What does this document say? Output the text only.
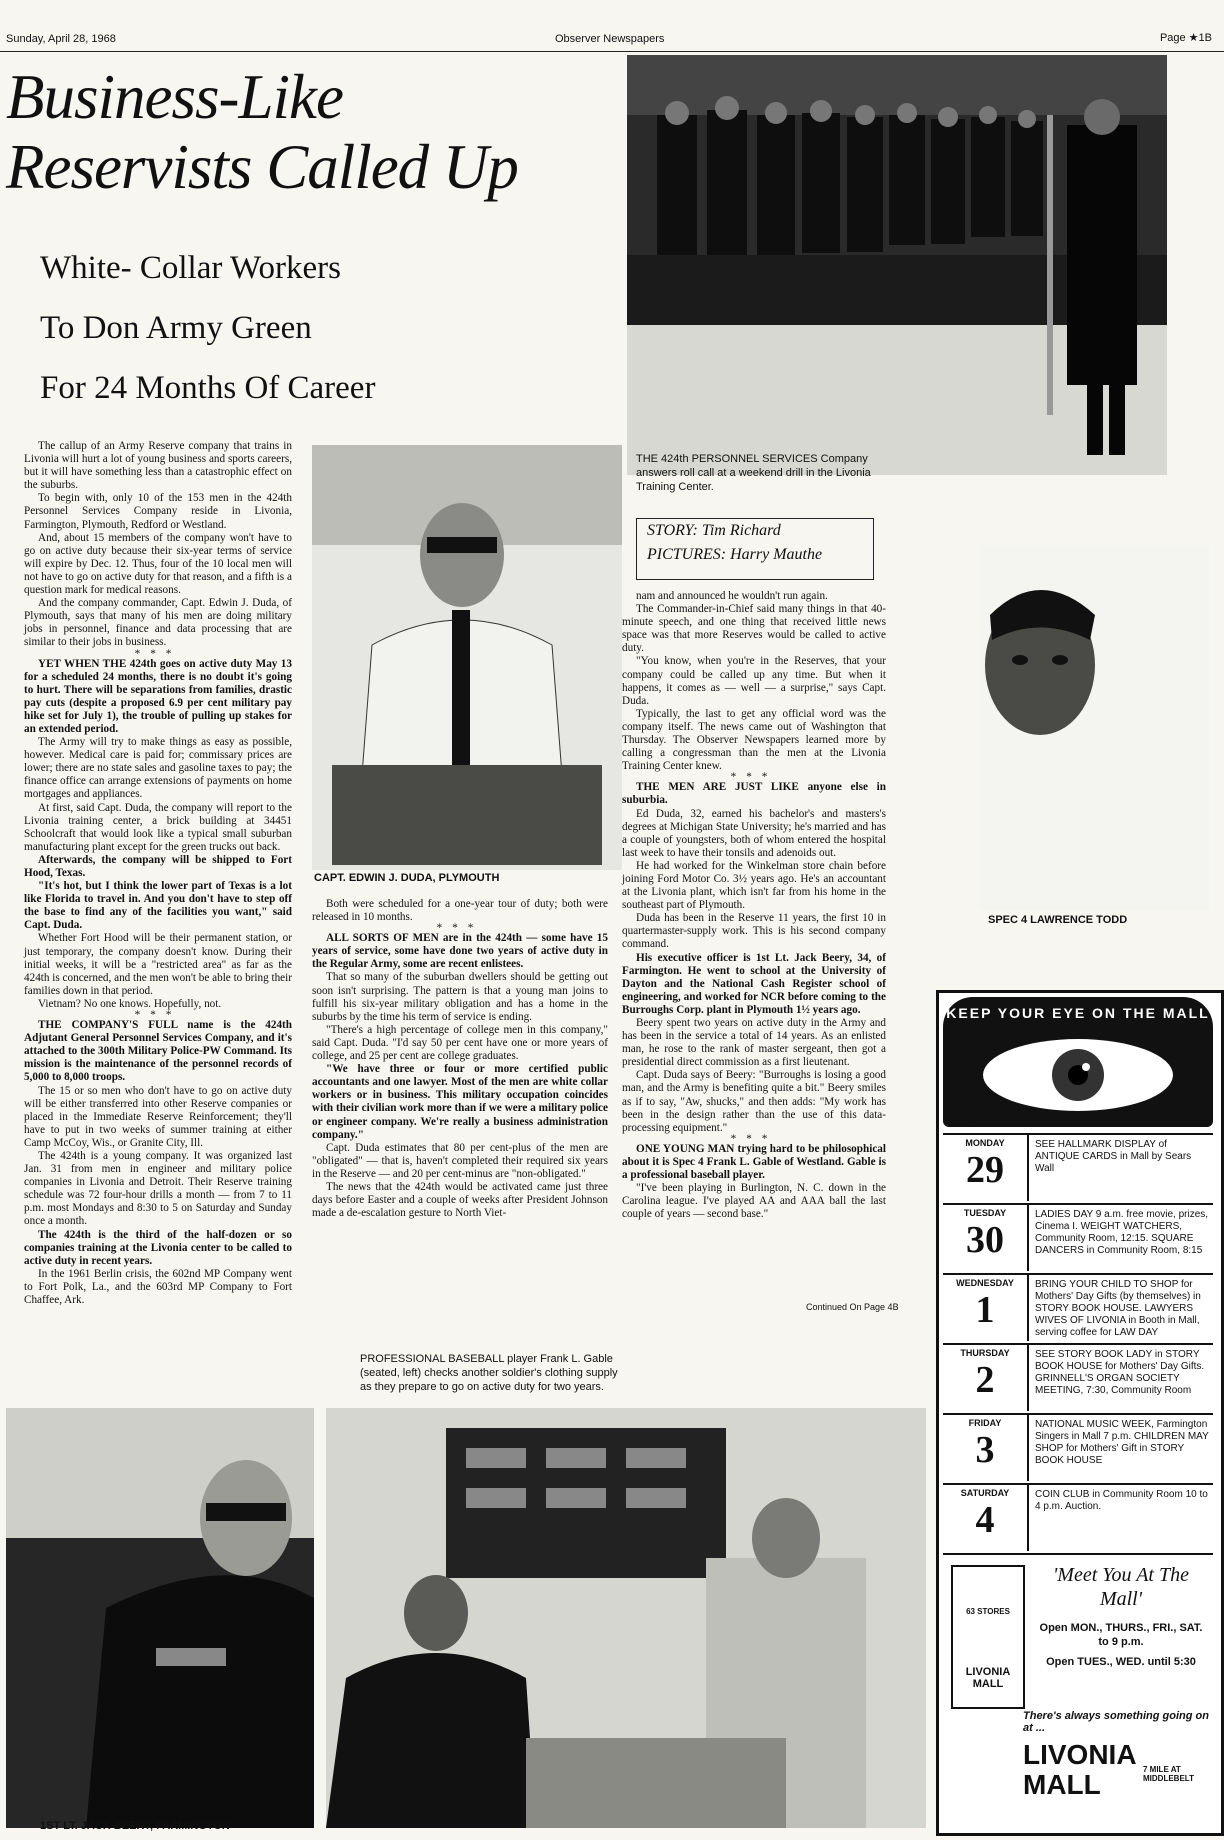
Sunday, April 28, 1968	Observer Newspapers	Page ★1B
Business-Like
Reservists Called Up
White- Collar Workers
To Don Army Green
For 24 Months Of Career
THE 424th PERSONNEL SERVICES Company answers roll call at a weekend drill in the Livonia Training Center.
STORY: Tim Richard
PICTURES: Harry Mauthe

The callup of an Army Reserve company that trains in Livonia will hurt a lot of young business and sports careers, but it will have something less than a catastrophic effect on the suburbs.

To begin with, only 10 of the 153 men in the 424th Personnel Services Company reside in Livonia, Farmington, Plymouth, Redford or Westland.

And, about 15 members of the company won't have to go on active duty because their six-year terms of service will expire by Dec. 12. Thus, four of the 10 local men will not have to go on active duty for that reason, and a fifth is a question mark for medical reasons.

And the company commander, Capt. Edwin J. Duda, of Plymouth, says that many of his men are doing military jobs in personnel, finance and data processing that are similar to their jobs in business.

***

YET WHEN THE 424th goes on active duty May 13 for a scheduled 24 months, there is no doubt it's going to hurt. There will be separations from families, drastic pay cuts (despite a proposed 6.9 per cent military pay hike set for July 1), the trouble of pulling up stakes for an extended period.

The Army will try to make things as easy as possible, however. Medical care is paid for; commissary prices are lower; there are no state sales and gasoline taxes to pay; the finance office can arrange extensions of payments on home mortgages and appliances.

At first, said Capt. Duda, the company will report to the Livonia training center, a brick building at 34451 Schoolcraft that would look like a typical small suburban manufacturing plant except for the green trucks out back.

Afterwards, the company will be shipped to Fort Hood, Texas.

"It's hot, but I think the lower part of Texas is a lot like Florida to travel in. And you don't have to step off the base to find any of the facilities you want," said Capt. Duda.

Whether Fort Hood will be their permanent station, or just temporary, the company doesn't know. During their initial weeks, it will be a "restricted area" as far as the 424th is concerned, and the men won't be able to bring their families down in that period.

Vietnam? No one knows. Hopefully, not.

***

THE COMPANY'S FULL name is the 424th Adjutant General Personnel Services Company, and it's attached to the 300th Military Police-PW Command. Its mission is the maintenance of the personnel records of 5,000 to 8,000 troops.

The 15 or so men who don't have to go on active duty will be either transferred into other Reserve companies or placed in the Immediate Reserve Reinforcement; they'll have to put in two weeks of summer training at either Camp McCoy, Wis., or Granite City, Ill.

The 424th is a young company. It was organized last Jan. 31 from men in engineer and military police companies in Livonia and Detroit. Their Reserve training schedule was 72 four-hour drills a month — from 7 to 11 p.m. most Mondays and 8:30 to 5 on Saturday and Sunday once a month.

The 424th is the third of the half-dozen or so companies training at the Livonia center to be called to active duty in recent years.

In the 1961 Berlin crisis, the 602nd MP Company went to Fort Polk, La., and the 603rd MP Company to Fort Chaffee, Ark.

CAPT. EDWIN J. DUDA, PLYMOUTH

Both were scheduled for a one-year tour of duty; both were released in 10 months.

***

ALL SORTS OF MEN are in the 424th — some have 15 years of service, some have done two years of active duty in the Regular Army, some are recent enlistees.

That so many of the suburban dwellers should be getting out soon isn't surprising. The pattern is that a young man joins to fulfill his six-year military obligation and has a home in the suburbs by the time his term of service is ending.

"There's a high percentage of college men in this company," said Capt. Duda. "I'd say 50 per cent have one or more years of college, and 25 per cent are college graduates.

"We have three or four or more certified public accountants and one lawyer. Most of the men are white collar workers or in business. This military occupation coincides with their civilian work more than if we were a military police or engineer company. We're really a business administration company."

Capt. Duda estimates that 80 per cent-plus of the men are "obligated" — that is, haven't completed their required six years in the Reserve — and 20 per cent-minus are "non-obligated."

The news that the 424th would be activated came just three days before Easter and a couple of weeks after President Johnson made a de-escalation gesture to North Viet-

PROFESSIONAL BASEBALL player Frank L. Gable (seated, left) checks another soldier's clothing supply as they prepare to go on active duty for two years.

nam and announced he wouldn't run again.

The Commander-in-Chief said many things in that 40-minute speech, and one thing that received little news space was that more Reserves would be called to active duty.

"You know, when you're in the Reserves, that your company could be called up any time. But when it happens, it comes as — well — a surprise," says Capt. Duda.

Typically, the last to get any official word was the company itself. The news came out of Washington that Thursday. The Observer Newspapers learned more by calling a congressman than the men at the Livonia Training Center knew.

***

THE MEN ARE JUST LIKE anyone else in suburbia.

Ed Duda, 32, earned his bachelor's and masters's degrees at Michigan State University; he's married and has a couple of youngsters, both of whom entered the hospital last week to have their tonsils and adenoids out.

He had worked for the Winkelman store chain before joining Ford Motor Co. 3½ years ago. He's an accountant at the Livonia plant, which isn't far from his home in the southeast part of Plymouth.

Duda has been in the Reserve 11 years, the first 10 in quartermaster-supply work. This is his second company command.

His executive officer is 1st Lt. Jack Beery, 34, of Farmington. He went to school at the University of Dayton and the National Cash Register school of engineering, and worked for NCR before coming to the Burroughs Corp. plant in Plymouth 1½ years ago.

Beery spent two years on active duty in the Army and has been in the service a total of 14 years. As an enlisted man, he rose to the rank of master sergeant, then got a presidential direct commission as a first lieutenant.

Capt. Duda says of Beery: "Burroughs is losing a good man, and the Army is benefiting quite a bit." Beery smiles as if to say, "Aw, shucks," and then adds: "My work has been in the design rather than the use of this data-processing equipment."

***

ONE YOUNG MAN trying hard to be philosophical about it is Spec 4 Frank L. Gable of Westland. Gable is a professional baseball player.

"I've been playing in Burlington, N. C. down in the Carolina league. I've played AA and AAA ball the last couple of years — second base."

Continued On Page 4B
SPEC 4 LAWRENCE TODD
1ST LT. JACK BEERY, FARMINGTON
KEEP YOUR EYE ON THE MALL
APRIL
MONDAY
29
SEE HALLMARK DISPLAY of ANTIQUE CARDS in Mall by Sears Wall
TUESDAY
30
LADIES DAY 9 a.m. free movie, prizes, Cinema I. WEIGHT WATCHERS, Community Room, 12:15. SQUARE DANCERS in Community Room, 8:15
WEDNESDAY
1
BRING YOUR CHILD TO SHOP for Mothers' Day Gifts (by themselves) in STORY BOOK HOUSE. LAWYERS WIVES OF LIVONIA in Booth in Mall, serving coffee for LAW DAY
THURSDAY
2
SEE STORY BOOK LADY in STORY BOOK HOUSE for Mothers' Day Gifts. GRINNELL'S ORGAN SOCIETY MEETING, 7:30, Community Room
FRIDAY
3
NATIONAL MUSIC WEEK, Farmington Singers in Mall 7 p.m. CHILDREN MAY SHOP for Mothers' Gift in STORY BOOK HOUSE
SATURDAY
4
COIN CLUB in Community Room 10 to 4 p.m. Auction.
63 STORES
LIVONIA MALL
'Meet You At The Mall'
Open MON., THURS., FRI., SAT. to 9 p.m.
Open TUES., WED. until 5:30
There's always something going on at ...
LIVONIA MALL	7 MILE AT MIDDLEBELT
